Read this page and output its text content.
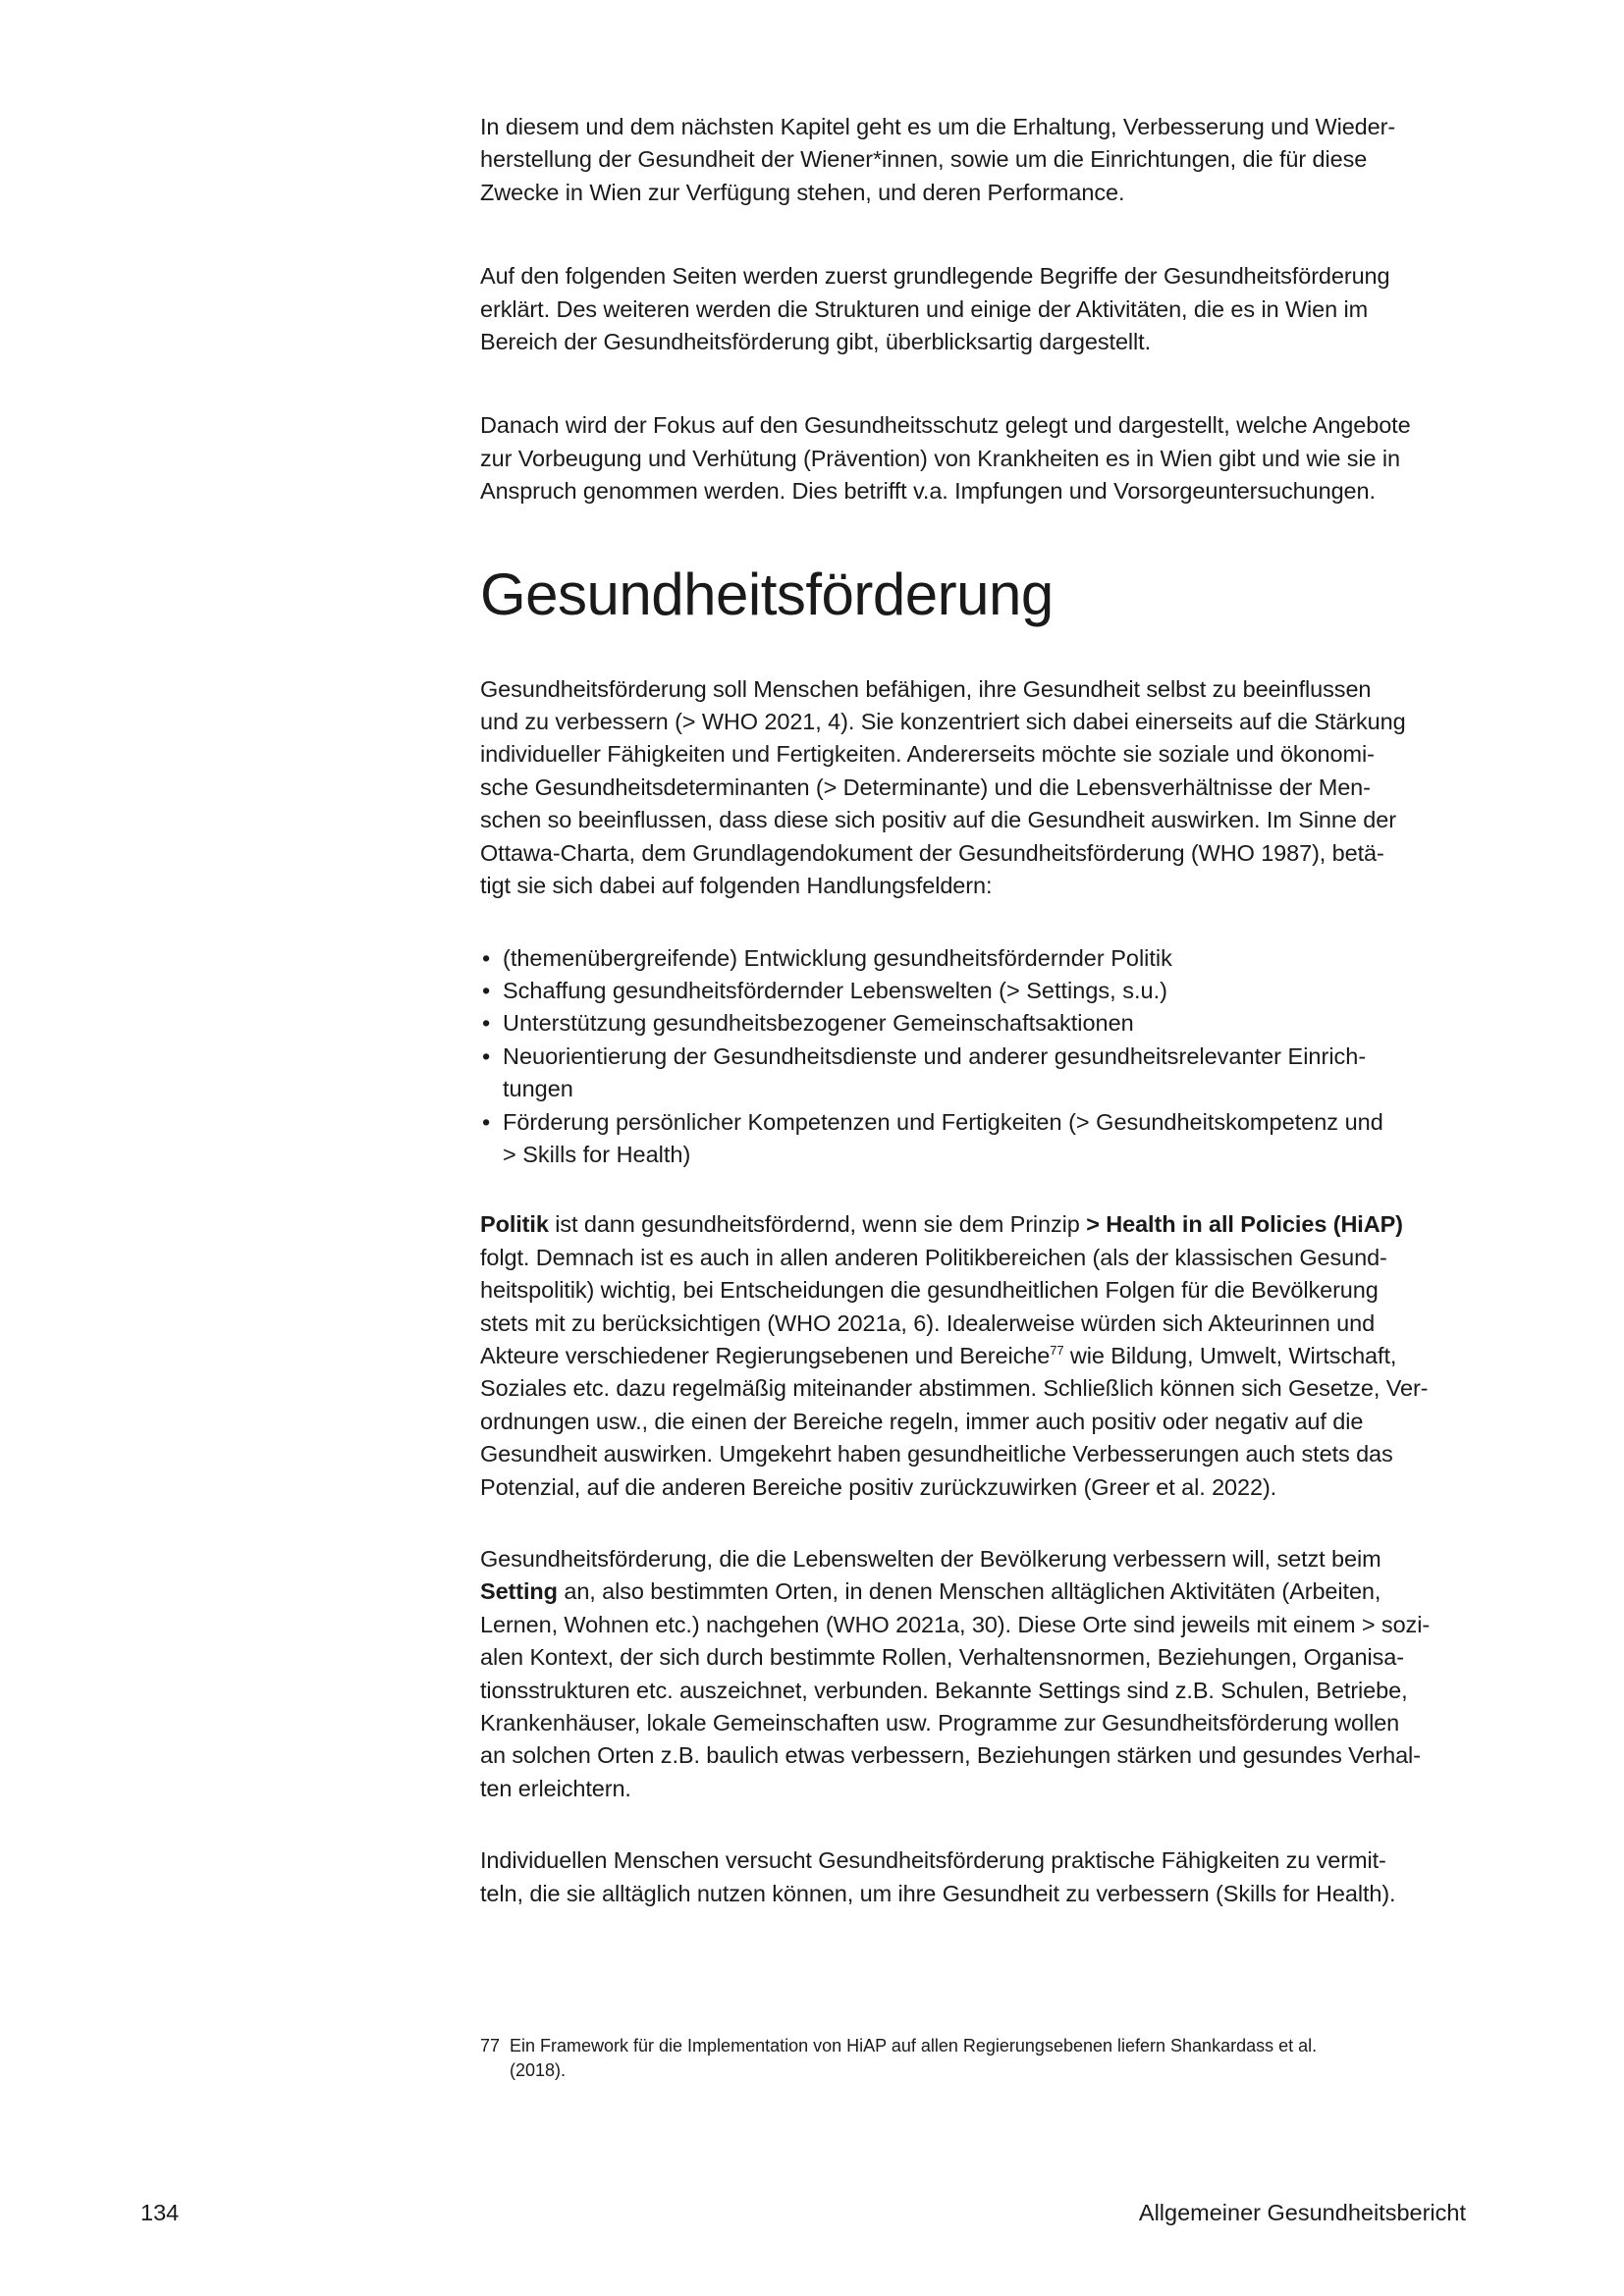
In diesem und dem nächsten Kapitel geht es um die Erhaltung, Verbesserung und Wieder-
herstellung der Gesundheit der Wiener*innen, sowie um die Einrichtungen, die für diese
Zwecke in Wien zur Verfügung stehen, und deren Performance.

Auf den folgenden Seiten werden zuerst grundlegende Begriffe der Gesundheitsförderung
erklärt. Des weiteren werden die Strukturen und einige der Aktivitäten, die es in Wien im
Bereich der Gesundheitsförderung gibt, überblicksartig dargestellt.

Danach wird der Fokus auf den Gesundheitsschutz gelegt und dargestellt, welche Angebote
zur Vorbeugung und Verhütung (Prävention) von Krankheiten es in Wien gibt und wie sie in
Anspruch genommen werden. Dies betrifft v.a. Impfungen und Vorsorgeuntersuchungen.

Gesundheitsförderung

Gesundheitsförderung soll Menschen befähigen, ihre Gesundheit selbst zu beeinflussen
und zu verbessern (> WHO 2021, 4). Sie konzentriert sich dabei einerseits auf die Stärkung
individueller Fähigkeiten und Fertigkeiten. Andererseits möchte sie soziale und ökonomi-
sche Gesundheitsdeterminanten (> Determinante) und die Lebensverhältnisse der Men-
schen so beeinflussen, dass diese sich positiv auf die Gesundheit auswirken. Im Sinne der
Ottawa-Charta, dem Grundlagendokument der Gesundheitsförderung (WHO 1987), betä-
tigt sie sich dabei auf folgenden Handlungsfeldern:

• (themenübergreifende) Entwicklung gesundheitsfördernder Politik
• Schaffung gesundheitsfördernder Lebenswelten (> Settings, s.u.)
• Unterstützung gesundheitsbezogener Gemeinschaftsaktionen
• Neuorientierung der Gesundheitsdienste und anderer gesundheitsrelevanter Einrich-
tungen
• Förderung persönlicher Kompetenzen und Fertigkeiten (> Gesundheitskompetenz und
> Skills for Health)

Politik ist dann gesundheitsfördernd, wenn sie dem Prinzip > Health in all Policies (HiAP)
folgt. Demnach ist es auch in allen anderen Politikbereichen (als der klassischen Gesund-
heitspolitik) wichtig, bei Entscheidungen die gesundheitlichen Folgen für die Bevölkerung
stets mit zu berücksichtigen (WHO 2021a, 6). Idealerweise würden sich Akteurinnen und
Akteure verschiedener Regierungsebenen und Bereiche$^{77}$ wie Bildung, Umwelt, Wirtschaft,
Soziales etc. dazu regelmäßig miteinander abstimmen. Schließlich können sich Gesetze, Ver-
ordnungen usw., die einen der Bereiche regeln, immer auch positiv oder negativ auf die
Gesundheit auswirken. Umgekehrt haben gesundheitliche Verbesserungen auch stets das
Potenzial, auf die anderen Bereiche positiv zurückzuwirken (Greer et al. 2022).

Gesundheitsförderung, die die Lebenswelten der Bevölkerung verbessern will, setzt beim
Setting an, also bestimmten Orten, in denen Menschen alltäglichen Aktivitäten (Arbeiten,
Lernen, Wohnen etc.) nachgehen (WHO 2021a, 30). Diese Orte sind jeweils mit einem > sozi-
alen Kontext, der sich durch bestimmte Rollen, Verhaltensnormen, Beziehungen, Organisa-
tionsstrukturen etc. auszeichnet, verbunden. Bekannte Settings sind z.B. Schulen, Betriebe,
Krankenhäuser, lokale Gemeinschaften usw. Programme zur Gesundheitsförderung wollen
an solchen Orten z.B. baulich etwas verbessern, Beziehungen stärken und gesundes Verhal-
ten erleichtern.

Individuellen Menschen versucht Gesundheitsförderung praktische Fähigkeiten zu vermit-
teln, die sie alltäglich nutzen können, um ihre Gesundheit zu verbessern (Skills for Health).

77 Ein Framework für die Implementation von HiAP auf allen Regierungsebenen liefern Shankardass et al.
(2018).
134	Allgemeiner Gesundheitsbericht
